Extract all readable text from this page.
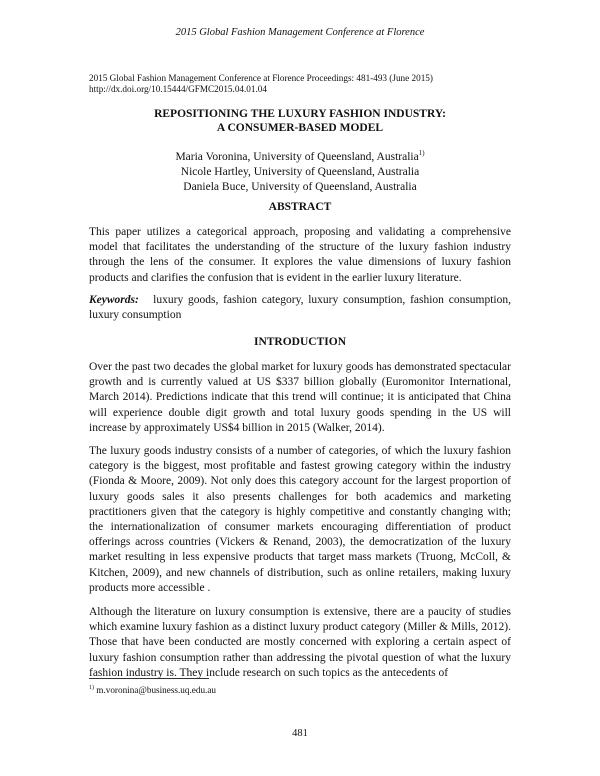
2015 Global Fashion Management Conference at Florence
2015 Global Fashion Management Conference at Florence Proceedings: 481-493 (June 2015)
http://dx.doi.org/10.15444/GFMC2015.04.01.04
REPOSITIONING THE LUXURY FASHION INDUSTRY:
A CONSUMER-BASED MODEL
Maria Voronina, University of Queensland, Australia$^{1)}$
Nicole Hartley, University of Queensland, Australia
Daniela Buce, University of Queensland, Australia
ABSTRACT

This paper utilizes a categorical approach, proposing and validating a comprehensive model that facilitates the understanding of the structure of the luxury fashion industry through the lens of the consumer. It explores the value dimensions of luxury fashion products and clarifies the confusion that is evident in the earlier luxury literature.

Keywords: luxury goods, fashion category, luxury consumption, fashion consumption, luxury consumption

INTRODUCTION

Over the past two decades the global market for luxury goods has demonstrated spectacular growth and is currently valued at US $337 billion globally (Euromonitor International, March 2014). Predictions indicate that this trend will continue; it is anticipated that China will experience double digit growth and total luxury goods spending in the US will increase by approximately US$4 billion in 2015 (Walker, 2014).

The luxury goods industry consists of a number of categories, of which the luxury fashion category is the biggest, most profitable and fastest growing category within the industry (Fionda & Moore, 2009). Not only does this category account for the largest proportion of luxury goods sales it also presents challenges for both academics and marketing practitioners given that the category is highly competitive and constantly changing with; the internationalization of consumer markets encouraging differentiation of product offerings across countries (Vickers & Renand, 2003), the democratization of the luxury market resulting in less expensive products that target mass markets (Truong, McColl, & Kitchen, 2009), and new channels of distribution, such as online retailers, making luxury products more accessible .

Although the literature on luxury consumption is extensive, there are a paucity of studies which examine luxury fashion as a distinct luxury product category (Miller & Mills, 2012). Those that have been conducted are mostly concerned with exploring a certain aspect of luxury fashion consumption rather than addressing the pivotal question of what the luxury fashion industry is. They include research on such topics as the antecedents of

$^{1)}$ m.voronina@business.uq.edu.au
481
